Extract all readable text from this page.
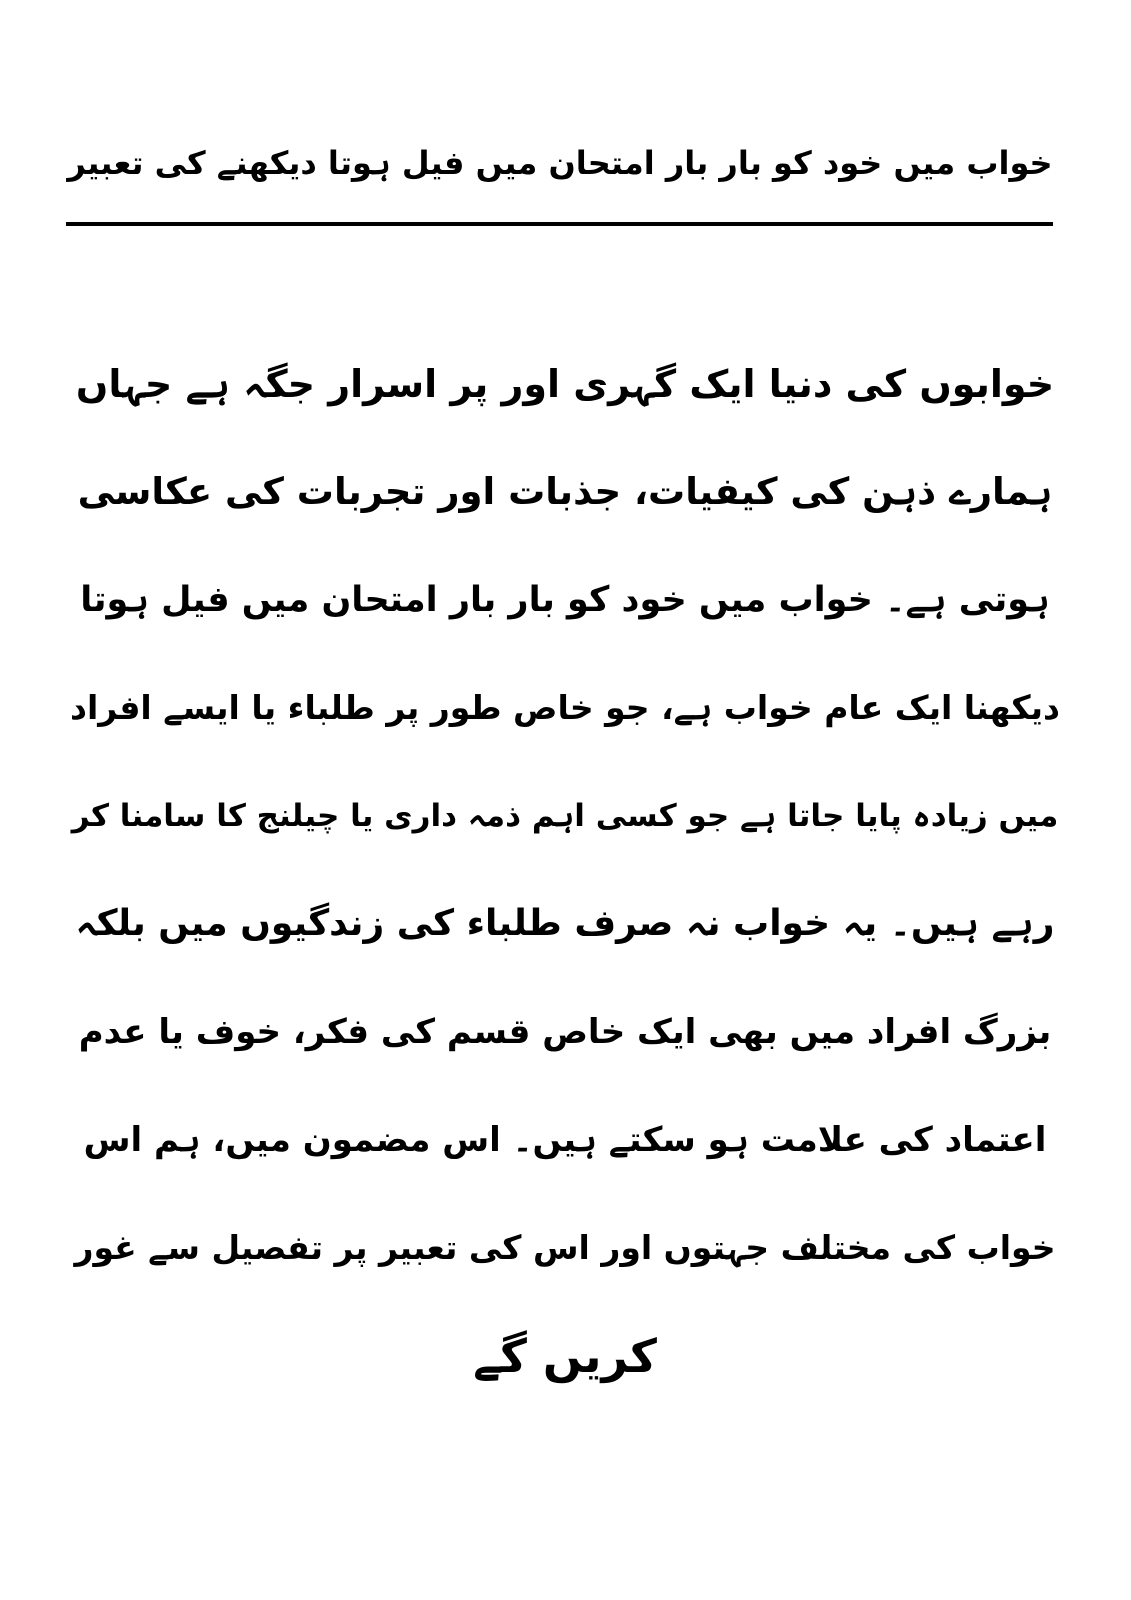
خواب میں خود کو بار بار امتحان میں فیل ہوتا دیکھنے کی تعبیر

خوابوں کی دنیا ایک گہری اور پر اسرار جگہ ہے جہاں

ہمارے ذہن کی کیفیات، جذبات اور تجربات کی عکاسی

ہوتی ہے۔ خواب میں خود کو بار بار امتحان میں فیل ہوتا

دیکھنا ایک عام خواب ہے، جو خاص طور پر طلباء یا ایسے افراد

میں زیادہ پایا جاتا ہے جو کسی اہم ذمہ داری یا چیلنج کا سامنا کر

رہے ہیں۔ یہ خواب نہ صرف طلباء کی زندگیوں میں بلکہ

بزرگ افراد میں بھی ایک خاص قسم کی فکر، خوف یا عدم

اعتماد کی علامت ہو سکتے ہیں۔ اس مضمون میں، ہم اس

خواب کی مختلف جہتوں اور اس کی تعبیر پر تفصیل سے غور

کریں گے
